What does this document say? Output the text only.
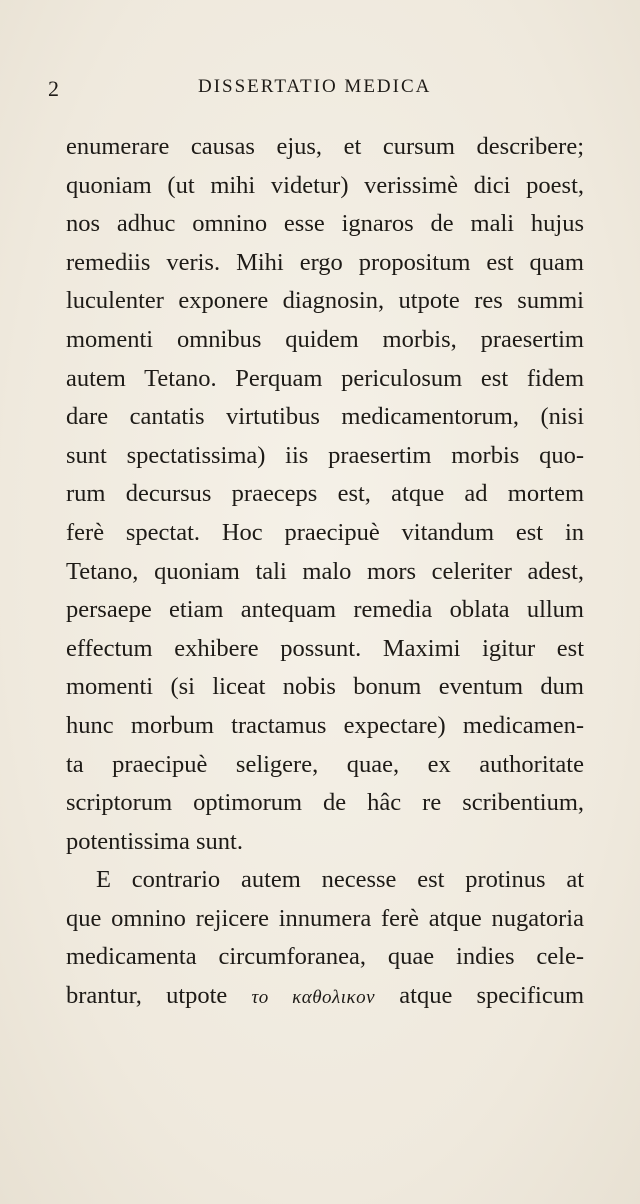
2	DISSERTATIO MEDICA
enumerare causas ejus, et cursum describere;
quoniam (ut mihi videtur) verissimè dici poest,
nos adhuc omnino esse ignaros de mali hujus
remediis veris. Mihi ergo propositum est quam
luculenter exponere diagnosin, utpote res summi
momenti omnibus quidem morbis, praesertim
autem Tetano. Perquam periculosum est fidem
dare cantatis virtutibus medicamentorum, (nisi
sunt spectatissima) iis praesertim morbis quo-
rum decursus praeceps est, atque ad mortem
ferè spectat. Hoc praecipuè vitandum est in
Tetano, quoniam tali malo mors celeriter adest,
persaepe etiam antequam remedia oblata ullum
effectum exhibere possunt. Maximi igitur est
momenti (si liceat nobis bonum eventum dum
hunc morbum tractamus expectare) medicamen-
ta praecipuè seligere, quae, ex authoritate
scriptorum optimorum de hâc re scribentium,
potentissima sunt.
E contrario autem necesse est protinus at
que omnino rejicere innumera ferè atque nugatoria
medicamenta circumforanea, quae indies cele-
brantur, utpote το καθολικον atque specificum
